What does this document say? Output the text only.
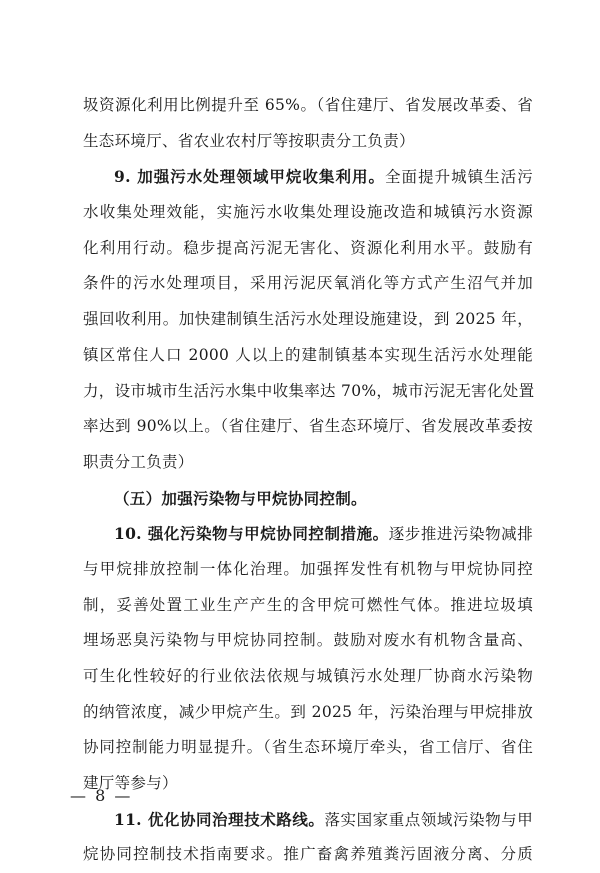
圾资源化利用比例提升至 65%。（省住建厅、省发展改革委、省
生态环境厅、省农业农村厅等按职责分工负责）
9. 加强污水处理领域甲烷收集利用。全面提升城镇生活污
水收集处理效能，实施污水收集处理设施改造和城镇污水资源
化利用行动。稳步提高污泥无害化、资源化利用水平。鼓励有
条件的污水处理项目，采用污泥厌氧消化等方式产生沼气并加
强回收利用。加快建制镇生活污水处理设施建设，到 2025 年，
镇区常住人口 2000 人以上的建制镇基本实现生活污水处理能
力，设市城市生活污水集中收集率达 70%，城市污泥无害化处置
率达到 90%以上。（省住建厅、省生态环境厅、省发展改革委按
职责分工负责）
（五）加强污染物与甲烷协同控制。
10. 强化污染物与甲烷协同控制措施。逐步推进污染物减排
与甲烷排放控制一体化治理。加强挥发性有机物与甲烷协同控
制，妥善处置工业生产产生的含甲烷可燃性气体。推进垃圾填
埋场恶臭污染物与甲烷协同控制。鼓励对废水有机物含量高、
可生化性较好的行业依法依规与城镇污水处理厂协商水污染物
的纳管浓度，减少甲烷产生。到 2025 年，污染治理与甲烷排放
协同控制能力明显提升。（省生态环境厅牵头，省工信厅、省住
建厅等参与）
11. 优化协同治理技术路线。落实国家重点领域污染物与甲
烷协同控制技术指南要求。推广畜禽养殖粪污固液分离、分质
— 8 —
